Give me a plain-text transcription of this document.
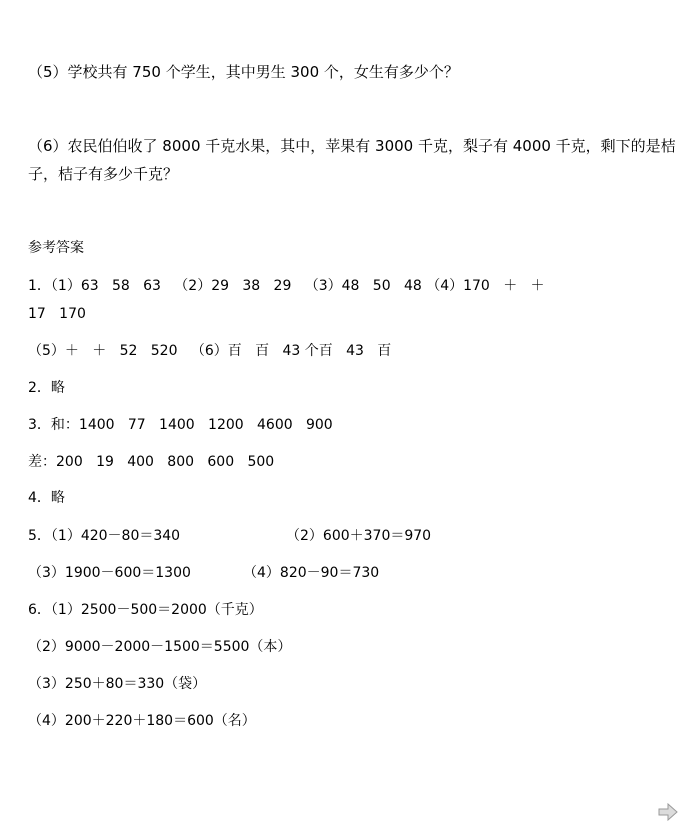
（5）学校共有 750 个学生，其中男生 300 个，女生有多少个？
（6）农民伯伯收了 8000 千克水果，其中，苹果有 3000 千克，梨子有 4000 千克，剩下的是桔
子，桔子有多少千克？
参考答案
1．（1）63   58   63   （2）29   38   29   （3）48   50   48 （4）170   ＋   ＋
17   170
（5）＋   ＋   52   520   （6）百   百   43 个百   43   百
2．略
3．和：1400   77   1400   1200   4600   900
差：200   19   400   800   600   500
4．略
5．（1）420－80＝340	（2）600＋370＝970
（3）1900－600＝1300	（4）820－90＝730
6．（1）2500－500＝2000（千克）
（2）9000－2000－1500＝5500（本）
（3）250＋80＝330（袋）
（4）200＋220＋180＝600（名）
